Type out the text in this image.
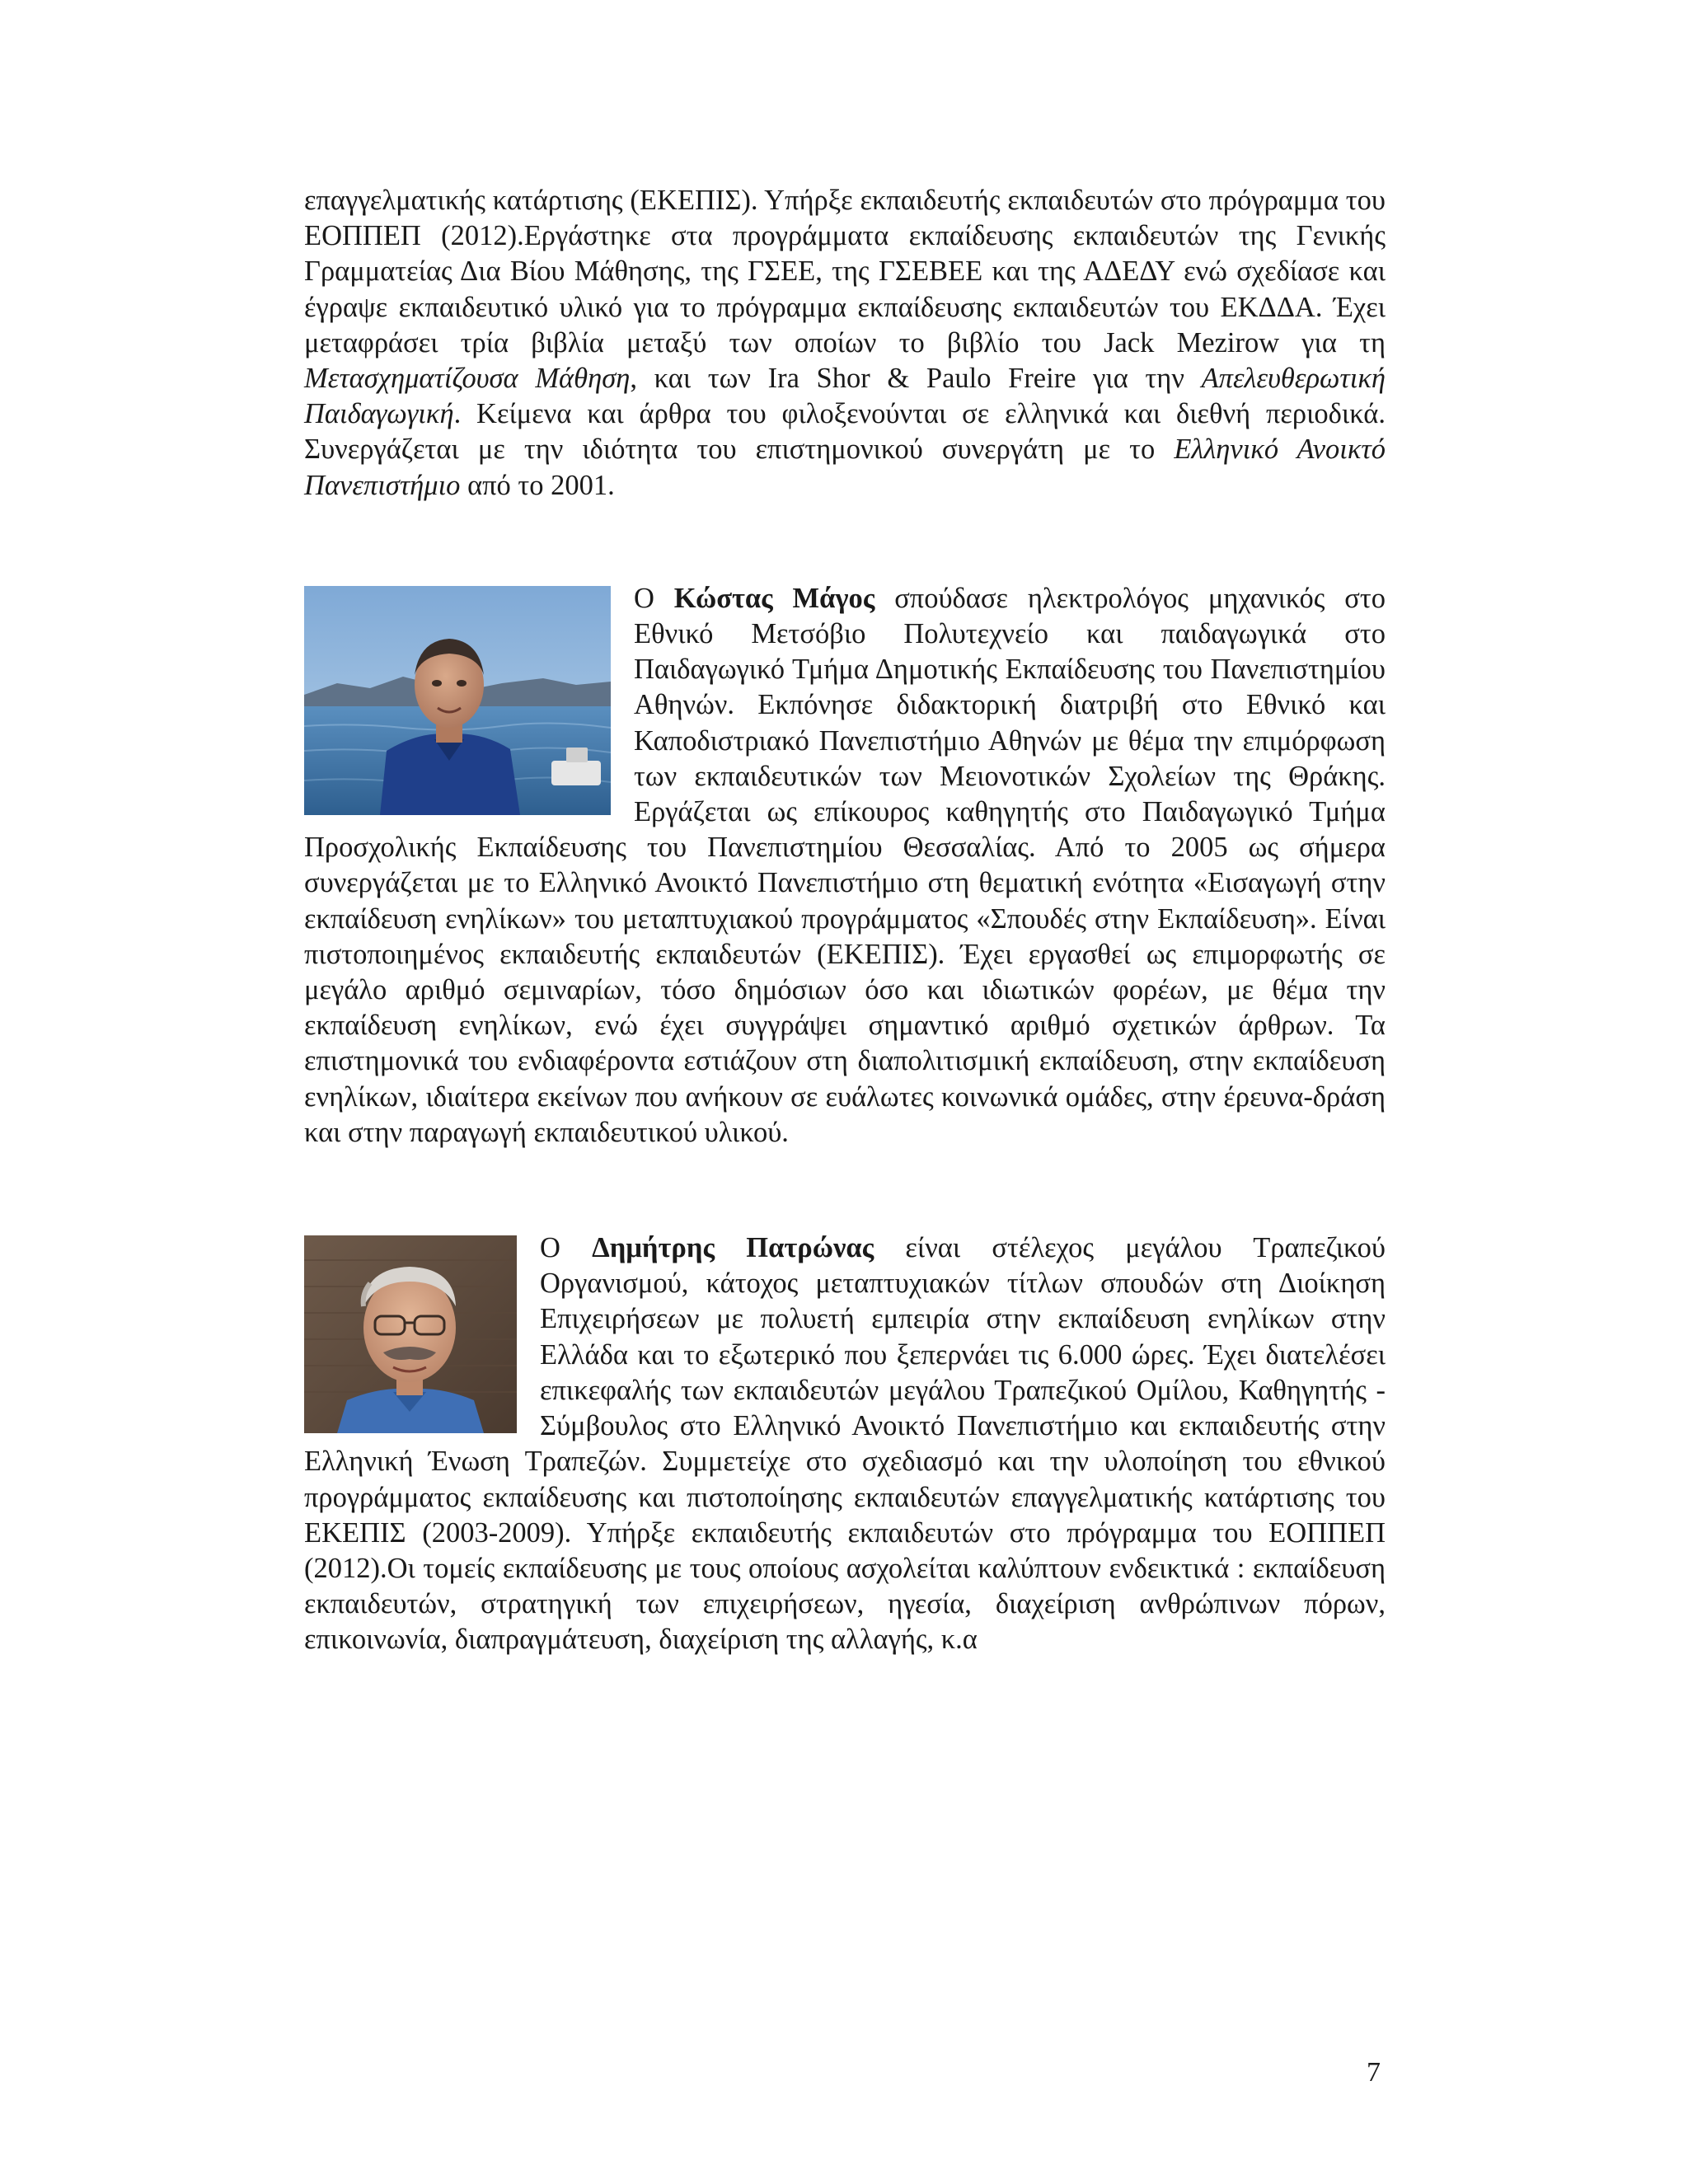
επαγγελματικής κατάρτισης (ΕΚΕΠΙΣ). Υπήρξε εκπαιδευτής εκπαιδευτών στο πρόγραμμα του ΕΟΠΠΕΠ (2012).Εργάστηκε στα προγράμματα εκπαίδευσης εκπαιδευτών της Γενικής Γραμματείας Δια Βίου Μάθησης, της ΓΣΕΕ, της ΓΣΕΒΕΕ και της ΑΔΕΔΥ ενώ σχεδίασε και έγραψε εκπαιδευτικό υλικό για το πρόγραμμα εκπαίδευσης εκπαιδευτών του ΕΚΔΔΑ. Έχει μεταφράσει τρία βιβλία μεταξύ των οποίων το βιβλίο του Jack Mezirow για τη Μετασχηματίζουσα Μάθηση, και των Ira Shor & Paulo Freire για την Απελευθερωτική Παιδαγωγική. Κείμενα και άρθρα του φιλοξενούνται σε ελληνικά και διεθνή περιοδικά. Συνεργάζεται με την ιδιότητα του επιστημονικού συνεργάτη με το Ελληνικό Ανοικτό Πανεπιστήμιο από το 2001.

Ο Κώστας Μάγος σπούδασε ηλεκτρολόγος μηχανικός στο Εθνικό Μετσόβιο Πολυτεχνείο και παιδαγωγικά στο Παιδαγωγικό Τμήμα Δημοτικής Εκπαίδευσης του Πανεπιστημίου Αθηνών. Εκπόνησε διδακτορική διατριβή στο Εθνικό και Καποδιστριακό Πανεπιστήμιο Αθηνών με θέμα την επιμόρφωση των εκπαιδευτικών των Μειονοτικών Σχολείων της Θράκης. Εργάζεται ως επίκουρος καθηγητής στο Παιδαγωγικό Τμήμα Προσχολικής Εκπαίδευσης του Πανεπιστημίου Θεσσαλίας. Από το 2005 ως σήμερα συνεργάζεται με το Ελληνικό Ανοικτό Πανεπιστήμιο στη θεματική ενότητα «Εισαγωγή στην εκπαίδευση ενηλίκων» του μεταπτυχιακού προγράμματος «Σπουδές στην Εκπαίδευση». Είναι πιστοποιημένος εκπαιδευτής εκπαιδευτών (ΕΚΕΠΙΣ). Έχει εργασθεί ως επιμορφωτής σε μεγάλο αριθμό σεμιναρίων, τόσο δημόσιων όσο και ιδιωτικών φορέων, με θέμα την εκπαίδευση ενηλίκων, ενώ έχει συγγράψει σημαντικό αριθμό σχετικών άρθρων. Τα επιστημονικά του ενδιαφέροντα εστιάζουν στη διαπολιτισμική εκπαίδευση, στην εκπαίδευση ενηλίκων, ιδιαίτερα εκείνων που ανήκουν σε ευάλωτες κοινωνικά ομάδες, στην έρευνα-δράση και στην παραγωγή εκπαιδευτικού υλικού.

Ο Δημήτρης Πατρώνας είναι στέλεχος μεγάλου Τραπεζικού Οργανισμού, κάτοχος μεταπτυχιακών τίτλων σπουδών στη Διοίκηση Επιχειρήσεων με πολυετή εμπειρία στην εκπαίδευση ενηλίκων στην Ελλάδα και το εξωτερικό που ξεπερνάει τις 6.000 ώρες. Έχει διατελέσει επικεφαλής των εκπαιδευτών μεγάλου Τραπεζικού Ομίλου, Καθηγητής - Σύμβουλος στο Ελληνικό Ανοικτό Πανεπιστήμιο και εκπαιδευτής στην Ελληνική Ένωση Τραπεζών. Συμμετείχε στο σχεδιασμό και την υλοποίηση του εθνικού προγράμματος εκπαίδευσης και πιστοποίησης εκπαιδευτών επαγγελματικής κατάρτισης του ΕΚΕΠΙΣ (2003-2009). Υπήρξε εκπαιδευτής εκπαιδευτών στο πρόγραμμα του ΕΟΠΠΕΠ (2012).Οι τομείς εκπαίδευσης με τους οποίους ασχολείται καλύπτουν ενδεικτικά : εκπαίδευση εκπαιδευτών, στρατηγική των επιχειρήσεων, ηγεσία, διαχείριση ανθρώπινων πόρων, επικοινωνία, διαπραγμάτευση, διαχείριση της αλλαγής, κ.α

7
